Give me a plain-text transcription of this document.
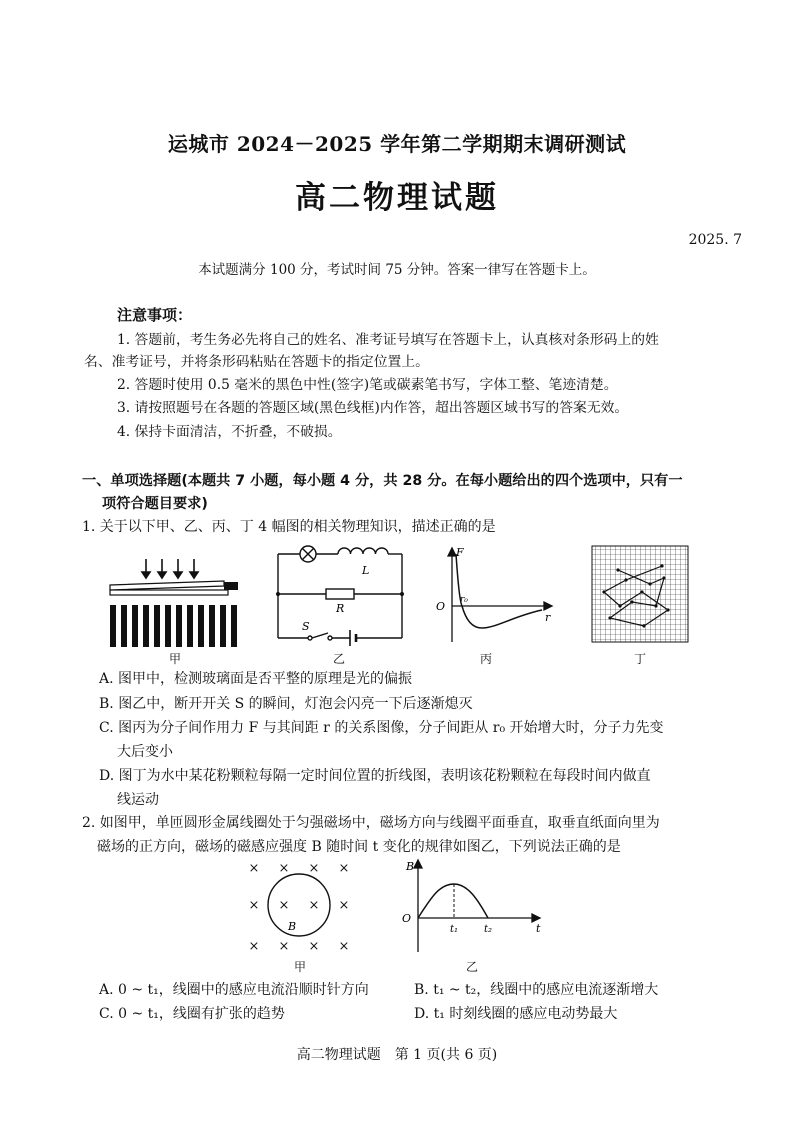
运城市 2024－2025 学年第二学期期末调研测试
高二物理试题
2025. 7
本试题满分 100 分，考试时间 75 分钟。答案一律写在答题卡上。
注意事项：
1. 答题前，考生务必先将自己的姓名、准考证号填写在答题卡上，认真核对条形码上的姓
名、准考证号，并将条形码粘贴在答题卡的指定位置上。
2. 答题时使用 0.5 毫米的黑色中性(签字)笔或碳素笔书写，字体工整、笔迹清楚。
3. 请按照题号在各题的答题区域(黑色线框)内作答，超出答题区域书写的答案无效。
4. 保持卡面清洁，不折叠，不破损。
一、单项选择题(本题共 7 小题，每小题 4 分，共 28 分。在每小题给出的四个选项中，只有一
项符合题目要求)
1. 关于以下甲、乙、丙、丁 4 幅图的相关物理知识，描述正确的是
甲
L
R
S
乙
F
O r₀
r
丙	丁
A. 图甲中，检测玻璃面是否平整的原理是光的偏振
B. 图乙中，断开开关 S 的瞬间，灯泡会闪亮一下后逐渐熄灭
C. 图丙为分子间作用力 F 与其间距 r 的关系图像，分子间距从 r₀ 开始增大时，分子力先变
大后变小
D. 图丁为水中某花粉颗粒每隔一定时间位置的折线图，表明该花粉颗粒在每段时间内做直
线运动
2. 如图甲，单匝圆形金属线圈处于匀强磁场中，磁场方向与线圈平面垂直，取垂直纸面向里为
磁场的正方向，磁场的磁感应强度 B 随时间 t 变化的规律如图乙，下列说法正确的是
× × × ×
× × × ×
× × × ×
B
甲
B
O
t₁	t₂	t
乙
A. 0 ~ t₁，线圈中的感应电流沿顺时针方向	B. t₁ ~ t₂，线圈中的感应电流逐渐增大
C. 0 ~ t₁，线圈有扩张的趋势	D. t₁ 时刻线圈的感应电动势最大
高二物理试题　第 1 页(共 6 页)
